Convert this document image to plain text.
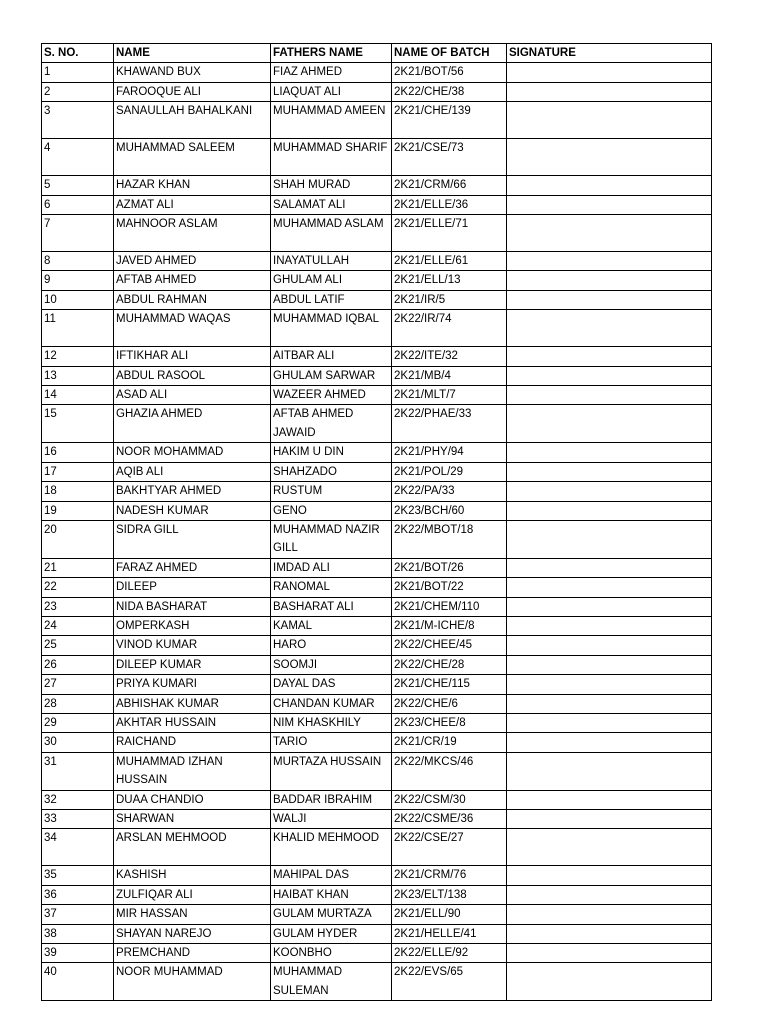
S. NO.	NAME	FATHERS NAME	NAME OF BATCH	SIGNATURE
1	KHAWAND BUX	FIAZ AHMED	2K21/BOT/56	
2	FAROOQUE ALI	LIAQUAT ALI	2K22/CHE/38	
3	SANAULLAH BAHALKANI	MUHAMMAD AMEEN	2K21/CHE/139	
4	MUHAMMAD SALEEM	MUHAMMAD SHARIF	2K21/CSE/73	
5	HAZAR KHAN	SHAH MURAD	2K21/CRM/66	
6	AZMAT ALI	SALAMAT ALI	2K21/ELLE/36	
7	MAHNOOR ASLAM	MUHAMMAD ASLAM	2K21/ELLE/71	
8	JAVED AHMED	INAYATULLAH	2K21/ELLE/61	
9	AFTAB AHMED	GHULAM ALI	2K21/ELL/13	
10	ABDUL RAHMAN	ABDUL LATIF	2K21/IR/5	
11	MUHAMMAD WAQAS	MUHAMMAD IQBAL	2K22/IR/74	
12	IFTIKHAR ALI	AITBAR ALI	2K22/ITE/32	
13	ABDUL RASOOL	GHULAM SARWAR	2K21/MB/4	
14	ASAD ALI	WAZEER AHMED	2K21/MLT/7	
15	GHAZIA AHMED	AFTAB AHMED JAWAID	2K22/PHAE/33	
16	NOOR MOHAMMAD	HAKIM U DIN	2K21/PHY/94	
17	AQIB ALI	SHAHZADO	2K21/POL/29	
18	BAKHTYAR AHMED	RUSTUM	2K22/PA/33	
19	NADESH KUMAR	GENO	2K23/BCH/60	
20	SIDRA GILL	MUHAMMAD NAZIR GILL	2K22/MBOT/18	
21	FARAZ AHMED	IMDAD ALI	2K21/BOT/26	
22	DILEEP	RANOMAL	2K21/BOT/22	
23	NIDA BASHARAT	BASHARAT ALI	2K21/CHEM/110	
24	OMPERKASH	KAMAL	2K21/M-ICHE/8	
25	VINOD KUMAR	HARO	2K22/CHEE/45	
26	DILEEP KUMAR	SOOMJI	2K22/CHE/28	
27	PRIYA KUMARI	DAYAL DAS	2K21/CHE/115	
28	ABHISHAK KUMAR	CHANDAN KUMAR	2K22/CHE/6	
29	AKHTAR HUSSAIN	NIM KHASKHILY	2K23/CHEE/8	
30	RAICHAND	TARIO	2K21/CR/19	
31	MUHAMMAD IZHAN HUSSAIN	MURTAZA HUSSAIN	2K22/MKCS/46	
32	DUAA CHANDIO	BADDAR IBRAHIM	2K22/CSM/30	
33	SHARWAN	WALJI	2K22/CSME/36	
34	ARSLAN MEHMOOD	KHALID MEHMOOD	2K22/CSE/27	
35	KASHISH	MAHIPAL DAS	2K21/CRM/76	
36	ZULFIQAR ALI	HAIBAT KHAN	2K23/ELT/138	
37	MIR HASSAN	GULAM MURTAZA	2K21/ELL/90	
38	SHAYAN NAREJO	GULAM HYDER	2K21/HELLE/41	
39	PREMCHAND	KOONBHO	2K22/ELLE/92	
40	NOOR MUHAMMAD	MUHAMMAD SULEMAN	2K22/EVS/65	
